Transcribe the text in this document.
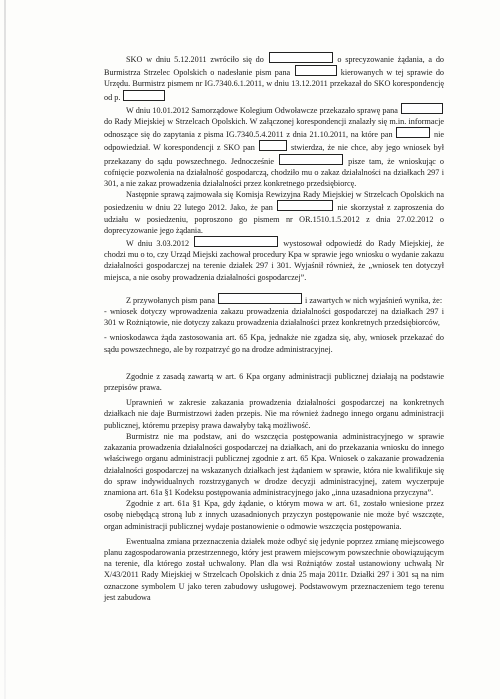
SKO w dniu 5.12.2011 zwróciło się do	o sprecyzowanie żądania, a do Burmistrza Strzelec Opolskich o nadesłanie pism pana	kierowanych w tej sprawie do Urzędu. Burmistrz pismem nr IG.7340.6.1.2011, w dniu 13.12.2011 przekazał do SKO korespondencję od p.

W dniu 10.01.2012 Samorządowe Kolegium Odwoławcze przekazało sprawę pana  do Rady Miejskiej w Strzelcach Opolskich. W załączonej korespondencji znalazły się m.in. informacje odnoszące się do zapytania z pisma IG.7340.5.4.2011 z dnia 21.10.2011, na które pan	nie odpowiedział. W korespondencji z SKO pan	stwierdza, że nie chce, aby jego wniosek był przekazany do sądu powszechnego. Jednocześnie	pisze tam, że wnioskując o cofnięcie pozwolenia na działalność gospodarczą, chodziło mu o zakaz działalności na działkach 297 i 301, a nie zakaz prowadzenia działalności przez konkretnego przedsiębiorcę.

Następnie sprawą zajmowała się Komisja Rewizyjna Rady Miejskiej w Strzelcach Opolskich na posiedzeniu w dniu 22 lutego 2012. Jako, że pan	nie skorzystał z zaproszenia do udziału w posiedzeniu, poproszono go pismem nr OR.1510.1.5.2012 z dnia 27.02.2012 o doprecyzowanie jego żądania.

W dniu 3.03.2012	wystosował odpowiedź do Rady Miejskiej, że chodzi mu o to, czy Urząd Miejski zachował procedury Kpa w sprawie jego wniosku o wydanie zakazu działalności gospodarczej na terenie działek 297 i 301. Wyjaśnił również, że „wniosek ten dotyczył miejsca, a nie osoby prowadzenia działalności gospodarczej”.

Z przywołanych pism pana	i zawartych w nich wyjaśnień wynika, że:

- wniosek dotyczy wprowadzenia zakazu prowadzenia działalności gospodarczej na działkach 297 i 301 w Rożniątowie, nie dotyczy zakazu prowadzenia działalności przez konkretnych przedsiębiorców,

- wnioskodawca żąda zastosowania art. 65 Kpa, jednakże nie zgadza się, aby, wniosek przekazać do sądu powszechnego, ale by rozpatrzyć go na drodze administracyjnej.

Zgodnie z zasadą zawartą w art. 6 Kpa organy administracji publicznej działają na podstawie przepisów prawa.

Uprawnień w zakresie zakazania prowadzenia działalności gospodarczej na konkretnych działkach nie daje Burmistrzowi żaden przepis. Nie ma również żadnego innego organu administracji publicznej, któremu przepisy prawa dawałyby taką możliwość.

Burmistrz nie ma podstaw, ani do wszczęcia postępowania administracyjnego w sprawie zakazania prowadzenia działalności gospodarczej na działkach, ani do przekazania wniosku do innego właściwego organu administracji publicznej zgodnie z art. 65 Kpa. Wniosek o zakazanie prowadzenia działalności gospodarczej na wskazanych działkach jest żądaniem w sprawie, która nie kwalifikuje się do spraw indywidualnych rozstrzyganych w drodze decyzji administracyjnej, zatem wyczerpuje znamiona art. 61a §1 Kodeksu postępowania administracyjnego jako „inna uzasadniona przyczyna”.

Zgodnie z art. 61a §1 Kpa, gdy żądanie, o którym mowa w art. 61, zostało wniesione przez osobę niebędącą stroną lub z innych uzasadnionych przyczyn postępowanie nie może być wszczęte, organ administracji publicznej wydaje postanowienie o odmowie wszczęcia postępowania.

Ewentualna zmiana przeznaczenia działek może odbyć się jedynie poprzez zmianę miejscowego planu zagospodarowania przestrzennego, który jest prawem miejscowym powszechnie obowiązującym na terenie, dla którego został uchwalony. Plan dla wsi Rożniątów został ustanowiony uchwałą Nr X/43/2011 Rady Miejskiej w Strzelcach Opolskich z dnia 25 maja 2011r. Działki 297 i 301 są na nim oznaczone symbolem U jako teren zabudowy usługowej. Podstawowym przeznaczeniem tego terenu jest zabudowa
